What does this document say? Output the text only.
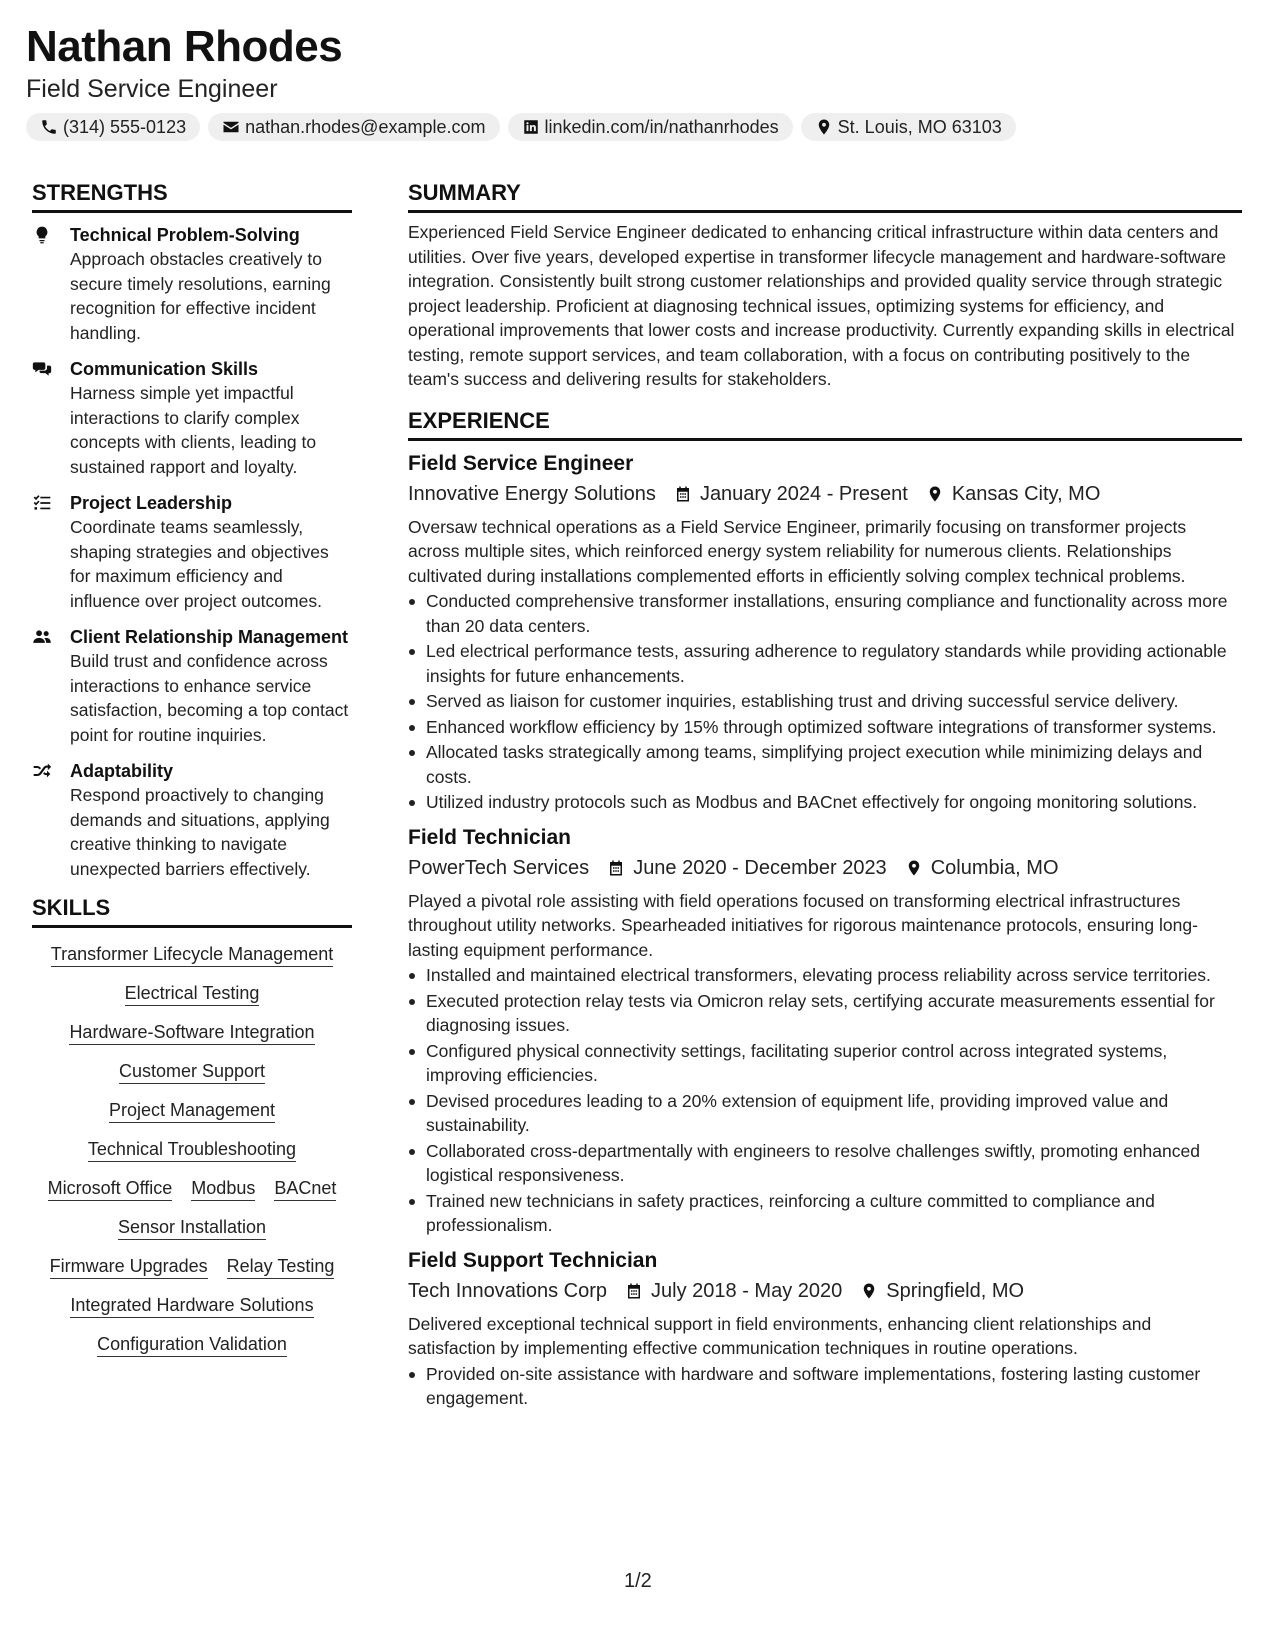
Nathan Rhodes
Field Service Engineer
(314) 555-0123	nathan.rhodes@example.com	linkedin.com/in/nathanrhodes	St. Louis, MO 63103
STRENGTHS
Technical Problem-Solving
Approach obstacles creatively to secure timely resolutions, earning recognition for effective incident handling.
Communication Skills
Harness simple yet impactful interactions to clarify complex concepts with clients, leading to sustained rapport and loyalty.
Project Leadership
Coordinate teams seamlessly, shaping strategies and objectives for maximum efficiency and influence over project outcomes.
Client Relationship Management
Build trust and confidence across interactions to enhance service satisfaction, becoming a top contact point for routine inquiries.
Adaptability
Respond proactively to changing demands and situations, applying creative thinking to navigate unexpected barriers effectively.
SKILLS
Transformer Lifecycle Management
Electrical Testing
Hardware-Software Integration
Customer Support
Project Management
Technical Troubleshooting
Microsoft Office Modbus BACnet
Sensor Installation
Firmware Upgrades Relay Testing
Integrated Hardware Solutions
Configuration Validation
SUMMARY
Experienced Field Service Engineer dedicated to enhancing critical infrastructure within data centers and utilities. Over five years, developed expertise in transformer lifecycle management and hardware-software integration. Consistently built strong customer relationships and provided quality service through strategic project leadership. Proficient at diagnosing technical issues, optimizing systems for efficiency, and operational improvements that lower costs and increase productivity. Currently expanding skills in electrical testing, remote support services, and team collaboration, with a focus on contributing positively to the team's success and delivering results for stakeholders.
EXPERIENCE
Field Service Engineer
Innovative Energy Solutions January 2024 - Present Kansas City, MO
Oversaw technical operations as a Field Service Engineer, primarily focusing on transformer projects across multiple sites, which reinforced energy system reliability for numerous clients. Relationships cultivated during installations complemented efforts in efficiently solving complex technical problems.
Conducted comprehensive transformer installations, ensuring compliance and functionality across more than 20 data centers.
Led electrical performance tests, assuring adherence to regulatory standards while providing actionable insights for future enhancements.
Served as liaison for customer inquiries, establishing trust and driving successful service delivery.
Enhanced workflow efficiency by 15% through optimized software integrations of transformer systems.
Allocated tasks strategically among teams, simplifying project execution while minimizing delays and costs.
Utilized industry protocols such as Modbus and BACnet effectively for ongoing monitoring solutions.
Field Technician
PowerTech Services June 2020 - December 2023 Columbia, MO
Played a pivotal role assisting with field operations focused on transforming electrical infrastructures throughout utility networks. Spearheaded initiatives for rigorous maintenance protocols, ensuring long-lasting equipment performance.
Installed and maintained electrical transformers, elevating process reliability across service territories.
Executed protection relay tests via Omicron relay sets, certifying accurate measurements essential for diagnosing issues.
Configured physical connectivity settings, facilitating superior control across integrated systems, improving efficiencies.
Devised procedures leading to a 20% extension of equipment life, providing improved value and sustainability.
Collaborated cross-departmentally with engineers to resolve challenges swiftly, promoting enhanced logistical responsiveness.
Trained new technicians in safety practices, reinforcing a culture committed to compliance and professionalism.
Field Support Technician
Tech Innovations Corp July 2018 - May 2020 Springfield, MO
Delivered exceptional technical support in field environments, enhancing client relationships and satisfaction by implementing effective communication techniques in routine operations.
Provided on-site assistance with hardware and software implementations, fostering lasting customer engagement.
1/2
